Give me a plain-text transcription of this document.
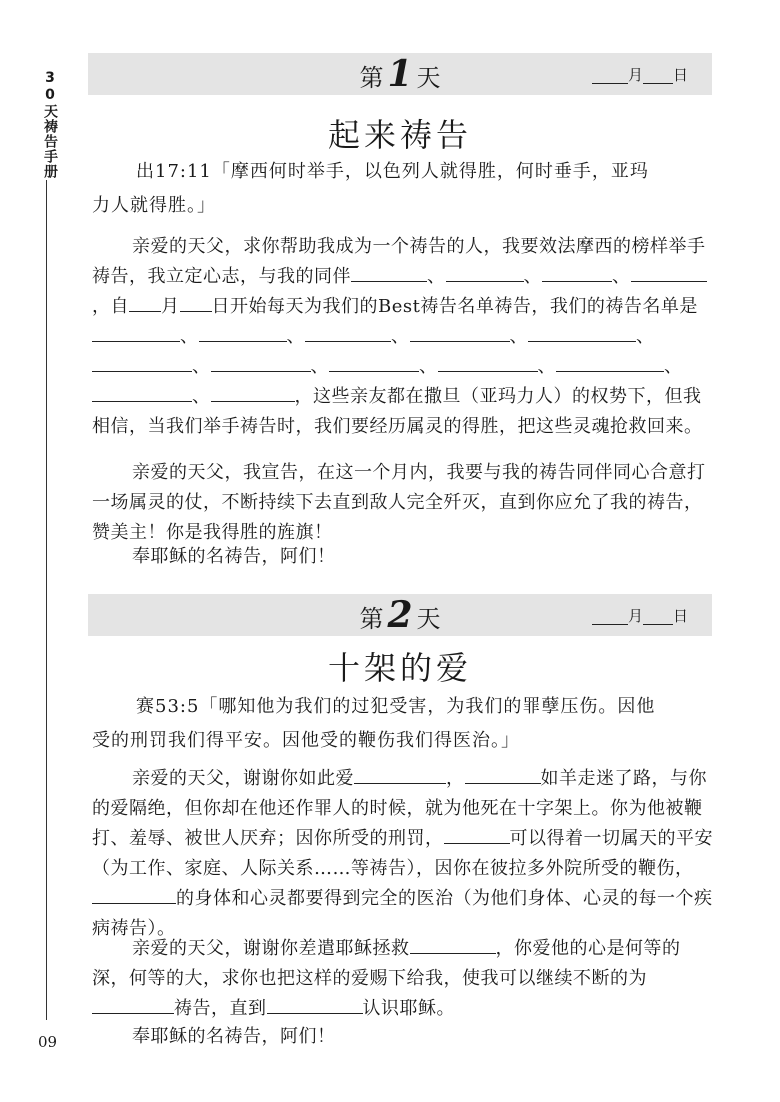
30天祷告手册
09
第 1 天	月 日
起来祷告
出17:11「摩西何时举手，以色列人就得胜，何时垂手，亚玛
力人就得胜。」
亲爱的天父，求你帮助我成为一个祷告的人，我要效法摩西的榜样举手祷告，我立定心志，与我的同伴	、	、	、，自 月 日开始每天为我们的Best祷告名单祷告，我们的祷告名单是、	、	、	、	、、	、	、	、	、、	，这些亲友都在撒旦（亚玛力人）的权势下，但我相信，当我们举手祷告时，我们要经历属灵的得胜，把这些灵魂抢救回来。
亲爱的天父，我宣告，在这一个月内，我要与我的祷告同伴同心合意打一场属灵的仗，不断持续下去直到敌人完全歼灭，直到你应允了我的祷告，赞美主！你是我得胜的旌旗！
奉耶稣的名祷告，阿们！
第 2 天	月 日
十架的爱
赛53:5「哪知他为我们的过犯受害，为我们的罪孽压伤。因他
受的刑罚我们得平安。因他受的鞭伤我们得医治。」
亲爱的天父，谢谢你如此爱	，	如羊走迷了路，与你的爱隔绝，但你却在他还作罪人的时候，就为他死在十字架上。你为他被鞭打、羞辱、被世人厌弃；因你所受的刑罚，	可以得着一切属天的平安（为工作、家庭、人际关系……等祷告），因你在彼拉多外院所受的鞭伤，的身体和心灵都要得到完全的医治（为他们身体、心灵的每一个疾病祷告）。
亲爱的天父，谢谢你差遣耶稣拯救	，你爱他的心是何等的深，何等的大，求你也把这样的爱赐下给我，使我可以继续不断的为祷告，直到	认识耶稣。
奉耶稣的名祷告，阿们！
